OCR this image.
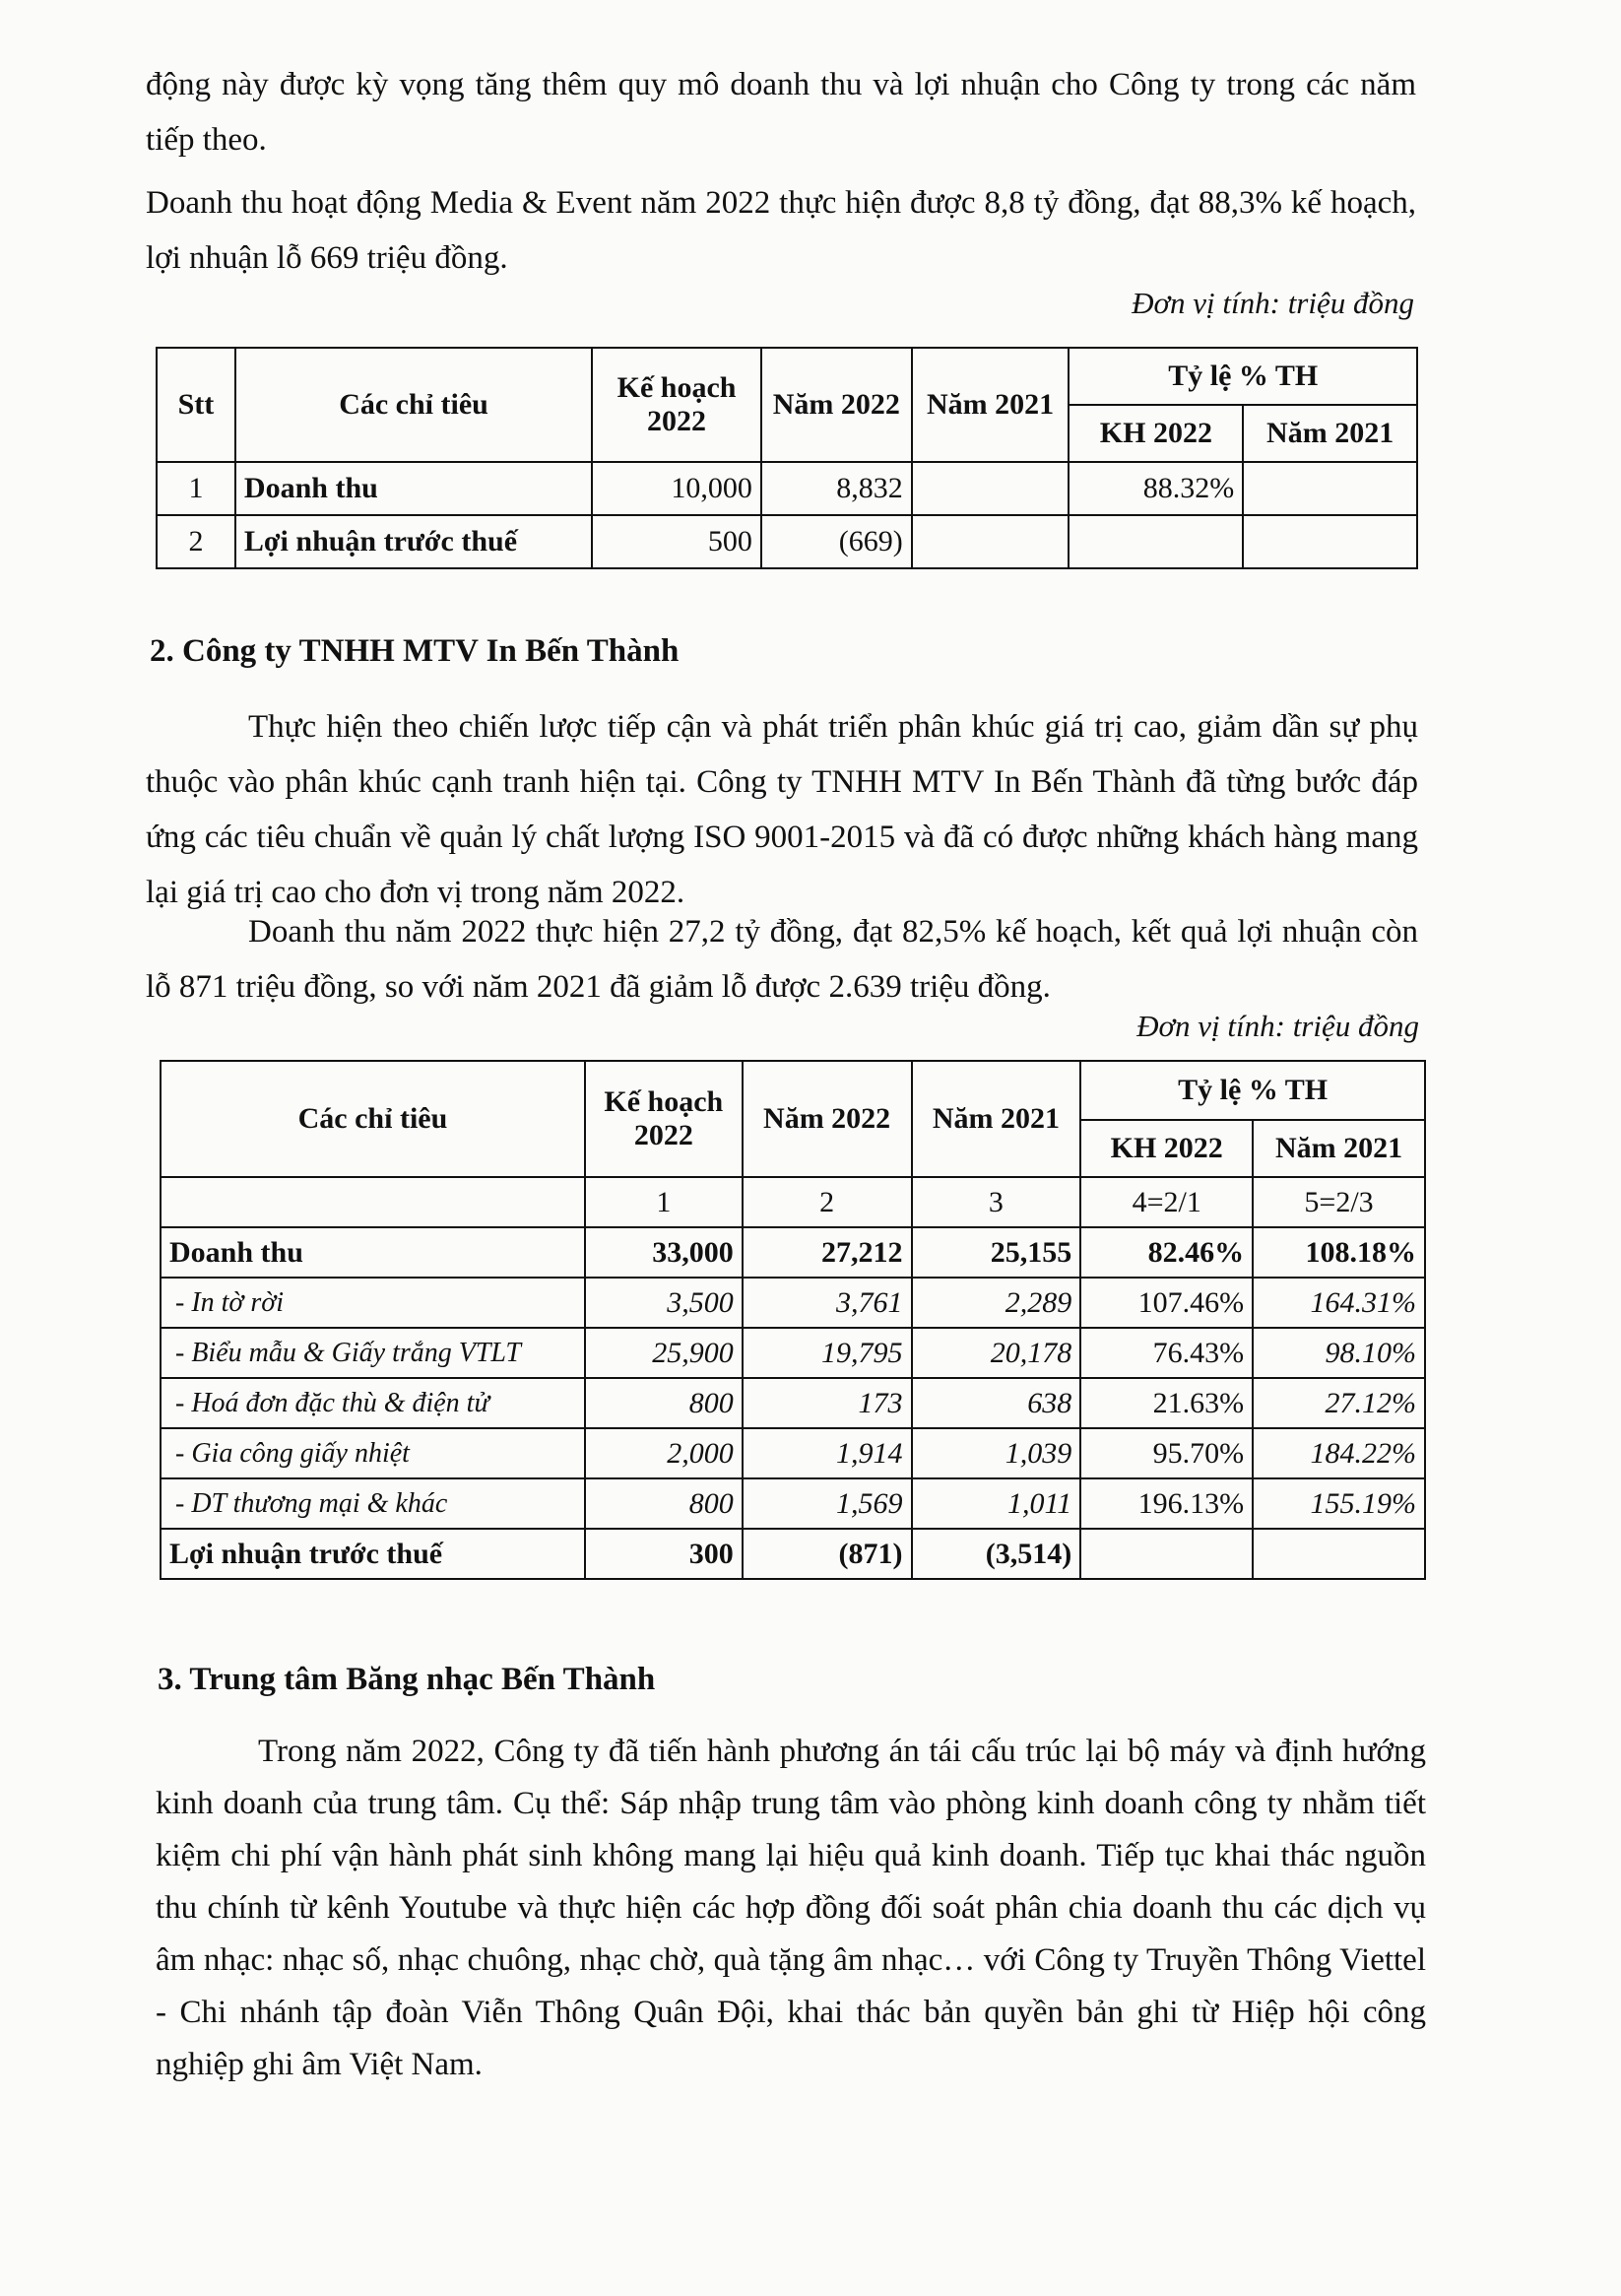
động này được kỳ vọng tăng thêm quy mô doanh thu và lợi nhuận cho Công ty trong các năm tiếp theo.

Doanh thu hoạt động Media & Event năm 2022 thực hiện được 8,8 tỷ đồng, đạt 88,3% kế hoạch, lợi nhuận lỗ 669 triệu đồng.

Đơn vị tính: triệu đồng
Stt	Các chỉ tiêu	Kế hoạch 2022	Năm 2022	Năm 2021	Tỷ lệ % TH	
					KH 2022	Năm 2021
1	Doanh thu	10,000	8,832		88.32%	
2	Lợi nhuận trước thuế	500	(669)			
2. Công ty TNHH MTV In Bến Thành

Thực hiện theo chiến lược tiếp cận và phát triển phân khúc giá trị cao, giảm dần sự phụ thuộc vào phân khúc cạnh tranh hiện tại. Công ty TNHH MTV In Bến Thành đã từng bước đáp ứng các tiêu chuẩn về quản lý chất lượng ISO 9001-2015 và đã có được những khách hàng mang lại giá trị cao cho đơn vị trong năm 2022.

Doanh thu năm 2022 thực hiện 27,2 tỷ đồng, đạt 82,5% kế hoạch, kết quả lợi nhuận còn lỗ 871 triệu đồng, so với năm 2021 đã giảm lỗ được 2.639 triệu đồng.

Đơn vị tính: triệu đồng
Các chỉ tiêu	Kế hoạch 2022	Năm 2022	Năm 2021	Tỷ lệ % TH	
				KH 2022	Năm 2021
	1	2	3	4=2/1	5=2/3
Doanh thu	33,000	27,212	25,155	82.46%	108.18%
- In tờ rời	3,500	3,761	2,289	107.46%	164.31%
- Biểu mẫu & Giấy trắng VTLT	25,900	19,795	20,178	76.43%	98.10%
- Hoá đơn đặc thù & điện tử	800	173	638	21.63%	27.12%
- Gia công giấy nhiệt	2,000	1,914	1,039	95.70%	184.22%
- DT thương mại & khác	800	1,569	1,011	196.13%	155.19%
Lợi nhuận trước thuế	300	(871)	(3,514)		
3. Trung tâm Băng nhạc Bến Thành

Trong năm 2022, Công ty đã tiến hành phương án tái cấu trúc lại bộ máy và định hướng kinh doanh của trung tâm. Cụ thể: Sáp nhập trung tâm vào phòng kinh doanh công ty nhằm tiết kiệm chi phí vận hành phát sinh không mang lại hiệu quả kinh doanh. Tiếp tục khai thác nguồn thu chính từ kênh Youtube và thực hiện các hợp đồng đối soát phân chia doanh thu các dịch vụ âm nhạc: nhạc số, nhạc chuông, nhạc chờ, quà tặng âm nhạc… với Công ty Truyền Thông Viettel - Chi nhánh tập đoàn Viễn Thông Quân Đội, khai thác bản quyền bản ghi từ Hiệp hội công nghiệp ghi âm Việt Nam.
